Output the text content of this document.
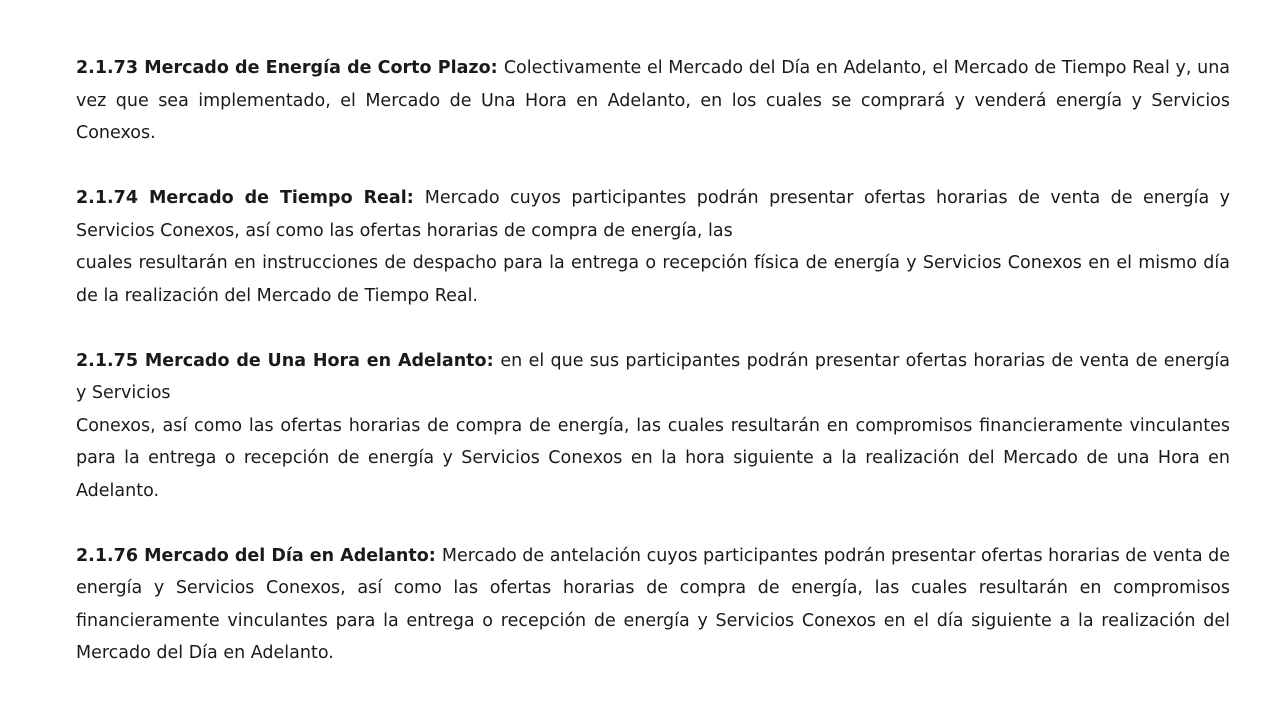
2.1.73 Mercado de Energía de Corto Plazo: Colectivamente el Mercado del Día en Adelanto, el Mercado de Tiempo Real y, una vez que sea implementado, el Mercado de Una Hora en Adelanto, en los cuales se comprará y venderá energía y Servicios Conexos.

2.1.74 Mercado de Tiempo Real: Mercado cuyos participantes podrán presentar ofertas horarias de venta de energía y Servicios Conexos, así como las ofertas horarias de compra de energía, las

cuales resultarán en instrucciones de despacho para la entrega o recepción física de energía y Servicios Conexos en el mismo día de la realización del Mercado de Tiempo Real.

2.1.75 Mercado de Una Hora en Adelanto: en el que sus participantes podrán presentar ofertas horarias de venta de energía y Servicios

Conexos, así como las ofertas horarias de compra de energía, las cuales resultarán en compromisos financieramente vinculantes para la entrega o recepción de energía y Servicios Conexos en la hora siguiente a la realización del Mercado de una Hora en Adelanto.

2.1.76 Mercado del Día en Adelanto: Mercado de antelación cuyos participantes podrán presentar ofertas horarias de venta de energía y Servicios Conexos, así como las ofertas horarias de compra de energía, las cuales resultarán en compromisos financieramente vinculantes para la entrega o recepción de energía y Servicios Conexos en el día siguiente a la realización del Mercado del Día en Adelanto.
